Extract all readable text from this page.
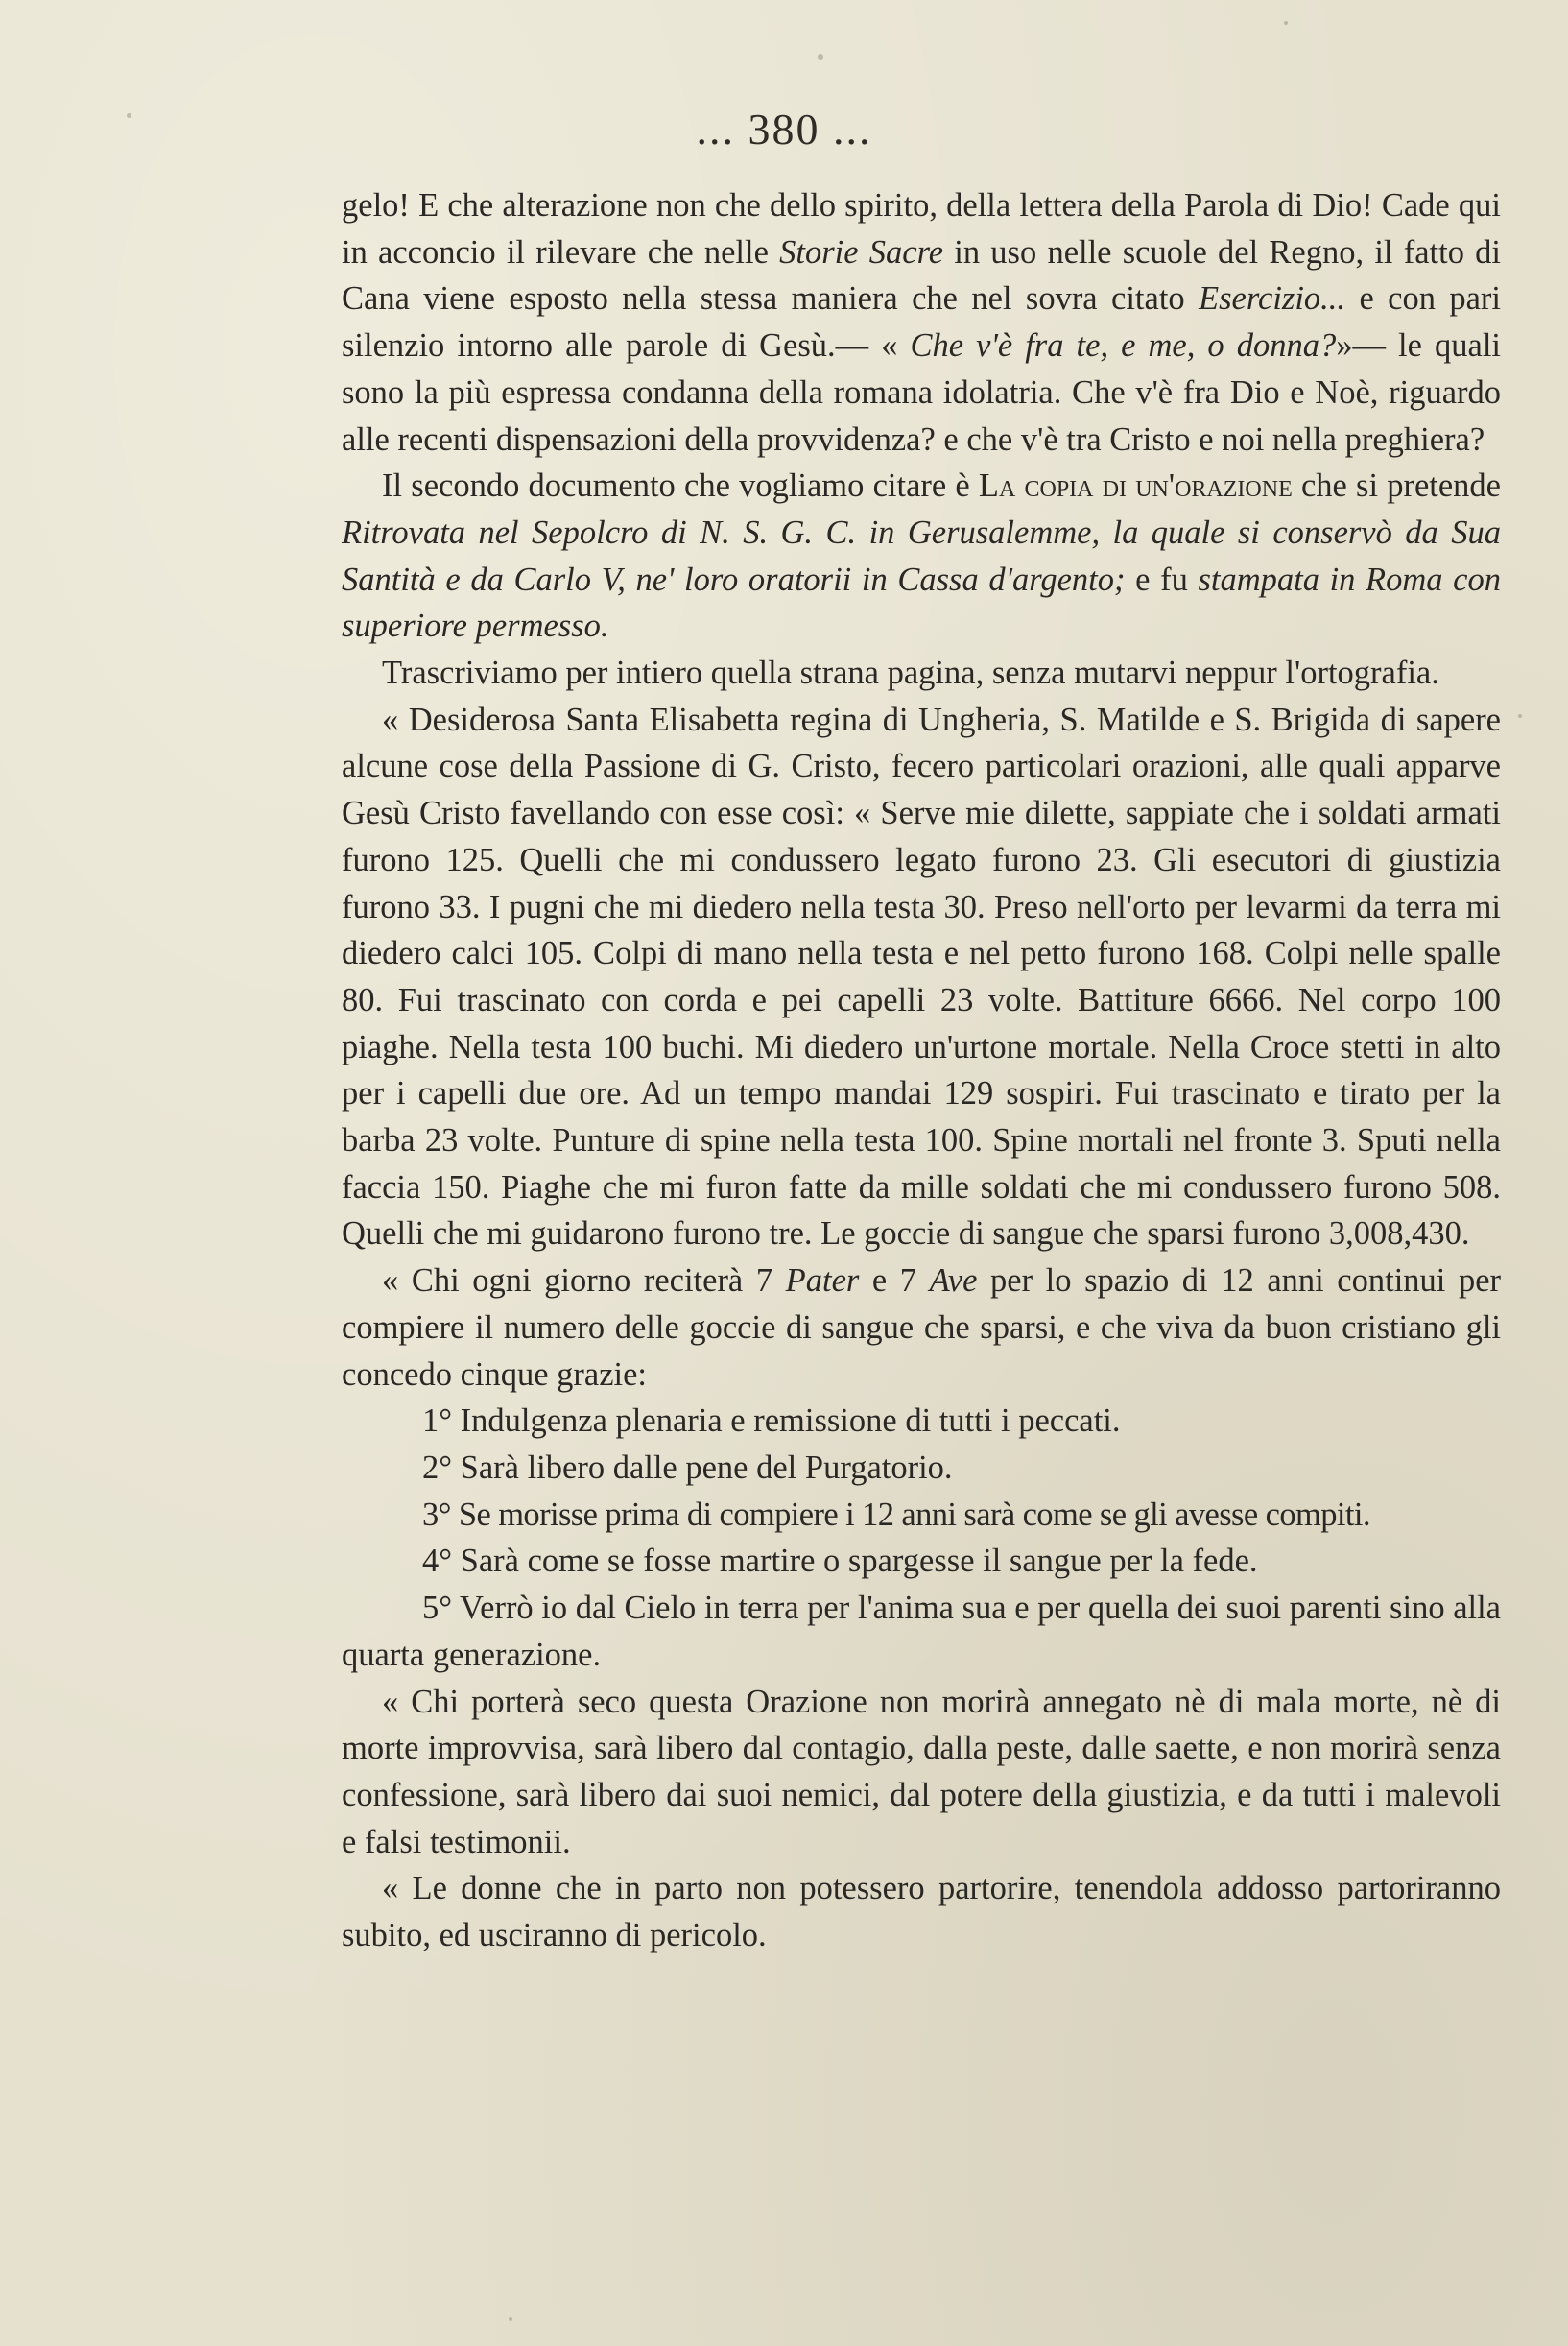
... 380 ...

gelo! E che alterazione non che dello spirito, della lettera della Parola di Dio! Cade qui in acconcio il rilevare che nelle Storie Sacre in uso nelle scuole del Regno, il fatto di Cana viene esposto nella stessa maniera che nel sovra citato Esercizio... e con pari silenzio intorno alle parole di Gesù.— « Che v'è fra te, e me, o donna?»— le quali sono la più espressa condanna della romana idolatria. Che v'è fra Dio e Noè, riguardo alle recenti dispensazioni della provvidenza? e che v'è tra Cristo e noi nella preghiera?

Il secondo documento che vogliamo citare è La copia di un'orazione che si pretende Ritrovata nel Sepolcro di N. S. G. C. in Gerusalemme, la quale si conservò da Sua Santità e da Carlo V, ne' loro oratorii in Cassa d'argento; e fu stampata in Roma con superiore permesso.

Trascriviamo per intiero quella strana pagina, senza mutarvi neppur l'ortografia.

« Desiderosa Santa Elisabetta regina di Ungheria, S. Matilde e S. Brigida di sapere alcune cose della Passione di G. Cristo, fecero particolari orazioni, alle quali apparve Gesù Cristo favellando con esse così: « Serve mie dilette, sappiate che i soldati armati furono 125. Quelli che mi condussero legato furono 23. Gli esecutori di giustizia furono 33. I pugni che mi diedero nella testa 30. Preso nell'orto per levarmi da terra mi diedero calci 105. Colpi di mano nella testa e nel petto furono 168. Colpi nelle spalle 80. Fui trascinato con corda e pei capelli 23 volte. Battiture 6666. Nel corpo 100 piaghe. Nella testa 100 buchi. Mi diedero un'urtone mortale. Nella Croce stetti in alto per i capelli due ore. Ad un tempo mandai 129 sospiri. Fui trascinato e tirato per la barba 23 volte. Punture di spine nella testa 100. Spine mortali nel fronte 3. Sputi nella faccia 150. Piaghe che mi furon fatte da mille soldati che mi condussero furono 508. Quelli che mi guidarono furono tre. Le goccie di sangue che sparsi furono 3,008,430.

« Chi ogni giorno reciterà 7 Pater e 7 Ave per lo spazio di 12 anni continui per compiere il numero delle goccie di sangue che sparsi, e che viva da buon cristiano gli concedo cinque grazie:

1° Indulgenza plenaria e remissione di tutti i peccati.

2° Sarà libero dalle pene del Purgatorio.

3° Se morisse prima di compiere i 12 anni sarà come se gli avesse compiti.

4° Sarà come se fosse martire o spargesse il sangue per la fede.

5° Verrò io dal Cielo in terra per l'anima sua e per quella dei suoi parenti sino alla quarta generazione.

« Chi porterà seco questa Orazione non morirà annegato nè di mala morte, nè di morte improvvisa, sarà libero dal contagio, dalla peste, dalle saette, e non morirà senza confessione, sarà libero dai suoi nemici, dal potere della giustizia, e da tutti i malevoli e falsi testimonii.

« Le donne che in parto non potessero partorire, tenendola addosso partoriranno subito, ed usciranno di pericolo.
